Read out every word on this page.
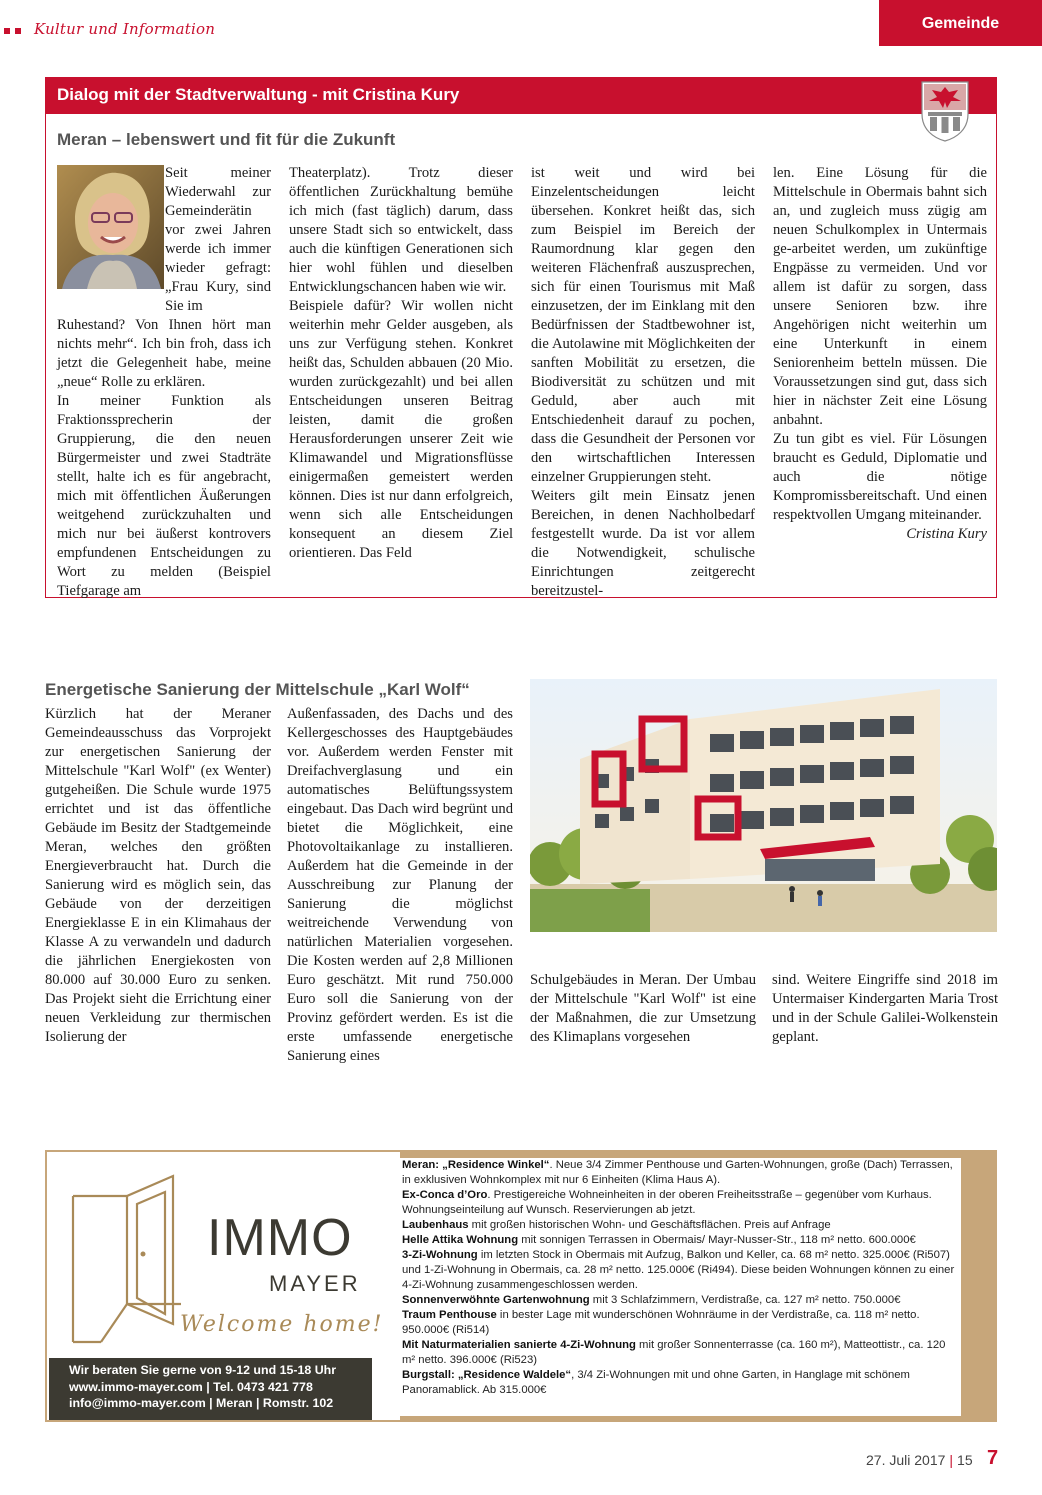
Kultur und Information	Gemeinde
Dialog mit der Stadtverwaltung - mit Cristina Kury
Meran – lebenswert und fit für die Zukunft

Seit meiner Wiederwahl zur Gemeinderätin vor zwei Jahren werde ich immer wieder gefragt: „Frau Kury, sind Sie im

Ruhestand? Von Ihnen hört man nichts mehr“. Ich bin froh, dass ich jetzt die Gelegenheit habe, meine „neue“ Rolle zu erklären.

In meiner Funktion als Fraktionssprecherin der Gruppierung, die den neuen Bürgermeister und zwei Stadträte stellt, halte ich es für angebracht, mich mit öffentlichen Äußerungen weitgehend zurückzuhalten und mich nur bei äußerst kontrovers empfundenen Entscheidungen zu Wort zu melden (Beispiel Tiefgarage am

Theaterplatz). Trotz dieser öffentlichen Zurückhaltung bemühe ich mich (fast täglich) darum, dass unsere Stadt sich so entwickelt, dass auch die künftigen Generationen sich hier wohl fühlen und dieselben Entwicklungschancen haben wie wir.

Beispiele dafür? Wir wollen nicht weiterhin mehr Gelder ausgeben, als uns zur Verfügung stehen. Konkret heißt das, Schulden abbauen (20 Mio. wurden zurückgezahlt) und bei allen Entscheidungen unseren Beitrag leisten, damit die großen Herausforderungen unserer Zeit wie Klimawandel und Migrationsflüsse einigermaßen gemeistert werden können. Dies ist nur dann erfolgreich, wenn sich alle Entscheidungen konsequent an diesem Ziel orientieren. Das Feld

ist weit und wird bei Einzelentscheidungen leicht übersehen. Konkret heißt das, sich zum Beispiel im Bereich der Raumordnung klar gegen den weiteren Flächenfraß auszusprechen, sich für einen Tourismus mit Maß einzusetzen, der im Einklang mit den Bedürfnissen der Stadtbewohner ist, die Autolawine mit Möglichkeiten der sanften Mobilität zu ersetzen, die Biodiversität zu schützen und mit Geduld, aber auch mit Entschiedenheit darauf zu pochen, dass die Gesundheit der Personen vor den wirtschaftlichen Interessen einzelner Gruppierungen steht.

Weiters gilt mein Einsatz jenen Bereichen, in denen Nachholbedarf festgestellt wurde. Da ist vor allem die Notwendigkeit, schulische Einrichtungen zeitgerecht bereitzustel-

len. Eine Lösung für die Mittelschule in Obermais bahnt sich an, und zugleich muss zügig am neuen Schulkomplex in Untermais ge-arbeitet werden, um zukünftige Engpässe zu vermeiden. Und vor allem ist dafür zu sorgen, dass unsere Senioren bzw. ihre Angehörigen nicht weiterhin um eine Unterkunft in einem Seniorenheim betteln müssen. Die Voraussetzungen sind gut, dass sich hier in nächster Zeit eine Lösung anbahnt.

Zu tun gibt es viel. Für Lösungen braucht es Geduld, Diplomatie und auch die nötige Kompromissbereitschaft. Und einen respektvollen Umgang miteinander.

Cristina Kury

Energetische Sanierung der Mittelschule „Karl Wolf“
Kürzlich hat der Meraner Gemeindeausschuss das Vorprojekt zur energetischen Sanierung der Mittelschule "Karl Wolf" (ex Wenter) gutgeheißen. Die Schule wurde 1975 errichtet und ist das öffentliche Gebäude im Besitz der Stadtgemeinde Meran, welches den größten Energieverbraucht hat. Durch die Sanierung wird es möglich sein, das Gebäude von der derzeitigen Energieklasse E in ein Klimahaus der Klasse A zu verwandeln und dadurch die jährlichen Energiekosten von 80.000 auf 30.000 Euro zu senken. Das Projekt sieht die Errichtung einer neuen Verkleidung zur thermischen Isolierung der
Außenfassaden, des Dachs und des Kellergeschosses des Hauptgebäudes vor. Außerdem werden Fenster mit Dreifachverglasung und ein automatisches Belüftungssystem eingebaut. Das Dach wird begrünt und bietet die Möglichkeit, eine Photovoltaikanlage zu installieren. Außerdem hat die Gemeinde in der Ausschreibung zur Planung der Sanierung die möglichst weitreichende Verwendung von natürlichen Materialien vorgesehen. Die Kosten werden auf 2,8 Millionen Euro geschätzt. Mit rund 750.000 Euro soll die Sanierung von der Provinz gefördert werden. Es ist die erste umfassende energetische Sanierung eines
Schulgebäudes in Meran. Der Umbau der Mittelschule "Karl Wolf" ist eine der Maßnahmen, die zur Umsetzung des Klimaplans vorgesehen
sind. Weitere Eingriffe sind 2018 im Untermaiser Kindergarten Maria Trost und in der Schule Galilei-Wolkenstein geplant.
IMMO
MAYER
Welcome home!
Wir beraten Sie gerne von 9-12 und 15-18 Uhr
www.immo-mayer.com | Tel. 0473 421 778
info@immo-mayer.com | Meran | Romstr. 102

Meran: „Residence Winkel“. Neue 3/4 Zimmer Penthouse und Garten-Wohnungen, große (Dach) Terrassen, in exklusiven Wohnkomplex mit nur 6 Einheiten (Klima Haus A).

Ex-Conca d’Oro. Prestigereiche Wohneinheiten in der oberen Freiheitsstraße – gegenüber vom Kurhaus. Wohnungseinteilung auf Wunsch. Reservierungen ab jetzt.

Laubenhaus mit großen historischen Wohn- und Geschäftsflächen. Preis auf Anfrage

Helle Attika Wohnung mit sonnigen Terrassen in Obermais/ Mayr-Nusser-Str., 118 m² netto. 600.000€

3-Zi-Wohnung im letzten Stock in Obermais mit Aufzug, Balkon und Keller, ca. 68 m² netto. 325.000€ (Ri507) und 1-Zi-Wohnung in Obermais, ca. 28 m² netto. 125.000€ (Ri494). Diese beiden Wohnungen können zu einer 4-Zi-Wohnung zusammengeschlossen werden.

Sonnenverwöhnte Gartenwohnung mit 3 Schlafzimmern, Verdistraße, ca. 127 m² netto. 750.000€

Traum Penthouse in bester Lage mit wunderschönen Wohnräume in der Verdistraße, ca. 118 m² netto. 950.000€ (Ri514)

Mit Naturmaterialien sanierte 4-Zi-Wohnung mit großer Sonnenterrasse (ca. 160 m²), Matteottistr., ca. 120 m² netto. 396.000€ (Ri523)

Burgstall: „Residence Waldele“, 3/4 Zi-Wohnungen mit und ohne Garten, in Hanglage mit schönem Panoramablick. Ab 315.000€

27. Juli 2017 | 15 7
